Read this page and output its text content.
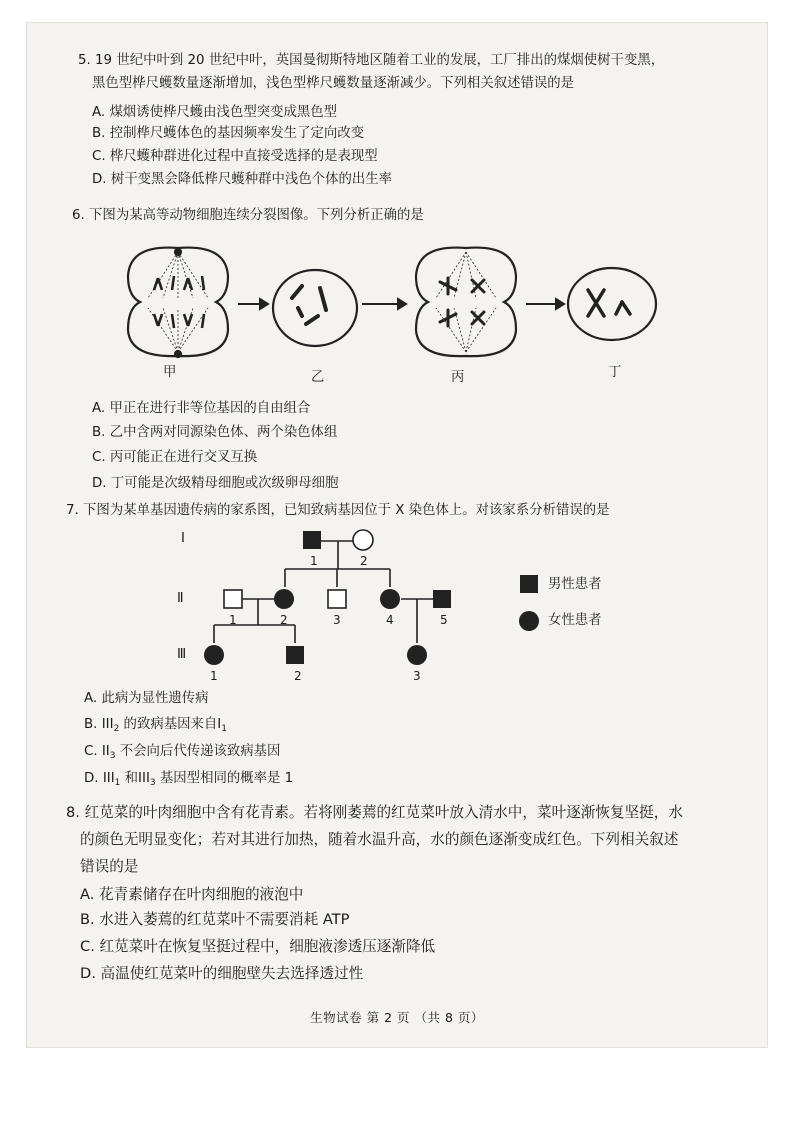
5. 19 世纪中叶到 20 世纪中叶，英国曼彻斯特地区随着工业的发展，工厂排出的煤烟使树干变黑，
黑色型桦尺蠖数量逐渐增加，浅色型桦尺蠖数量逐渐减少。下列相关叙述错误的是
A. 煤烟诱使桦尺蠖由浅色型突变成黑色型
B. 控制桦尺蠖体色的基因频率发生了定向改变
C. 桦尺蠖种群进化过程中直接受选择的是表现型
D. 树干变黑会降低桦尺蠖种群中浅色个体的出生率
6. 下图为某高等动物细胞连续分裂图像。下列分析正确的是
甲	乙	丙	丁
A. 甲正在进行非等位基因的自由组合
B. 乙中含两对同源染色体、两个染色体组
C. 丙可能正在进行交叉互换
D. 丁可能是次级精母细胞或次级卵母细胞
7. 下图为某单基因遗传病的家系图，已知致病基因位于 X 染色体上。对该家系分析错误的是
Ⅰ
Ⅱ
Ⅲ
1	2
1	2	3	4	5
1	2	3
男性患者
女性患者
A. 此病为显性遗传病
B. $III_2$ 的致病基因来自$I_1$
C. $II_3$ 不会向后代传递该致病基因
D. $III_1$ 和$III_3$ 基因型相同的概率是 1
8. 红苋菜的叶肉细胞中含有花青素。若将刚萎蔫的红苋菜叶放入清水中，菜叶逐渐恢复坚挺，水
的颜色无明显变化；若对其进行加热，随着水温升高，水的颜色逐渐变成红色。下列相关叙述
错误的是
A. 花青素储存在叶肉细胞的液泡中
B. 水进入萎蔫的红苋菜叶不需要消耗 ATP
C. 红苋菜叶在恢复坚挺过程中，细胞液渗透压逐渐降低
D. 高温使红苋菜叶的细胞壁失去选择透过性
生物试卷 第 2 页 （共 8 页）
